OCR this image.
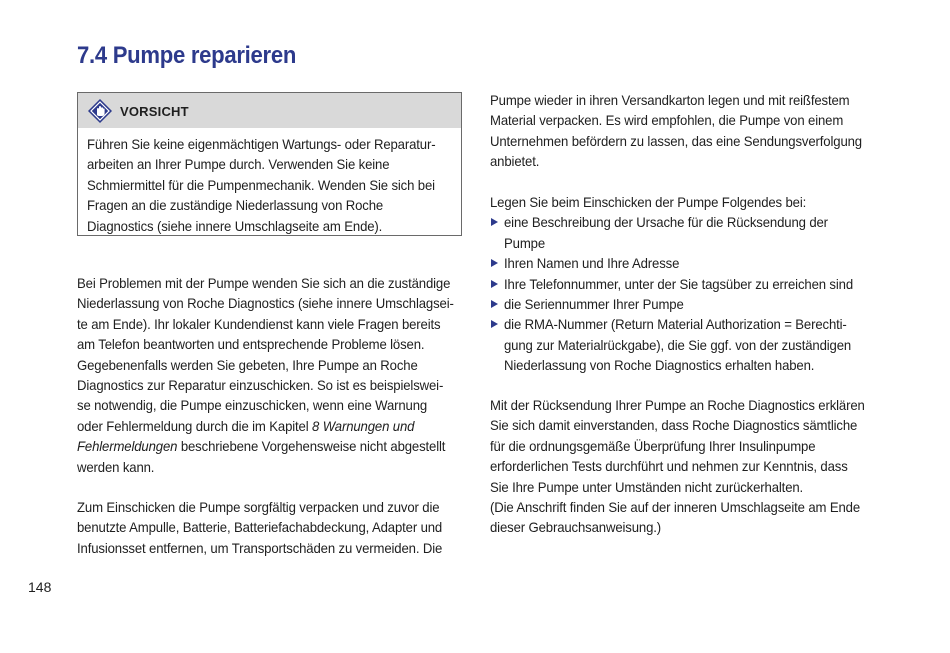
7.4 Pumpe reparieren
VORSICHT
Führen Sie keine eigenmächtigen Wartungs- oder Reparatur-
arbeiten an Ihrer Pumpe durch. Verwenden Sie keine
Schmiermittel für die Pumpenmechanik. Wenden Sie sich bei
Fragen an die zuständige Niederlassung von Roche
Diagnostics (siehe innere Umschlagseite am Ende).
Bei Problemen mit der Pumpe wenden Sie sich an die zuständige
Niederlassung von Roche Diagnostics (siehe innere Umschlagsei-
te am Ende). Ihr lokaler Kundendienst kann viele Fragen bereits
am Telefon beantworten und entsprechende Probleme lösen.
Gegebenenfalls werden Sie gebeten, Ihre Pumpe an Roche
Diagnostics zur Reparatur einzuschicken. So ist es beispielswei-
se notwendig, die Pumpe einzuschicken, wenn eine Warnung
oder Fehlermeldung durch die im Kapitel 8 Warnungen und
Fehlermeldungen beschriebene Vorgehensweise nicht abgestellt
werden kann.
Zum Einschicken die Pumpe sorgfältig verpacken und zuvor die
benutzte Ampulle, Batterie, Batteriefachabdeckung, Adapter und
Infusionsset entfernen, um Transportschäden zu vermeiden. Die
Pumpe wieder in ihren Versandkarton legen und mit reißfestem
Material verpacken. Es wird empfohlen, die Pumpe von einem
Unternehmen befördern zu lassen, das eine Sendungsverfolgung
anbietet.
Legen Sie beim Einschicken der Pumpe Folgendes bei:
eine Beschreibung der Ursache für die Rücksendung der
Pumpe
Ihren Namen und Ihre Adresse
Ihre Telefonnummer, unter der Sie tagsüber zu erreichen sind
die Seriennummer Ihrer Pumpe
die RMA-Nummer (Return Material Authorization = Berechti-
gung zur Materialrückgabe), die Sie ggf. von der zuständigen
Niederlassung von Roche Diagnostics erhalten haben.
Mit der Rücksendung Ihrer Pumpe an Roche Diagnostics erklären
Sie sich damit einverstanden, dass Roche Diagnostics sämtliche
für die ordnungsgemäße Überprüfung Ihrer Insulinpumpe
erforderlichen Tests durchführt und nehmen zur Kenntnis, dass
Sie Ihre Pumpe unter Umständen nicht zurückerhalten.
(Die Anschrift finden Sie auf der inneren Umschlagseite am Ende
dieser Gebrauchsanweisung.)
148
